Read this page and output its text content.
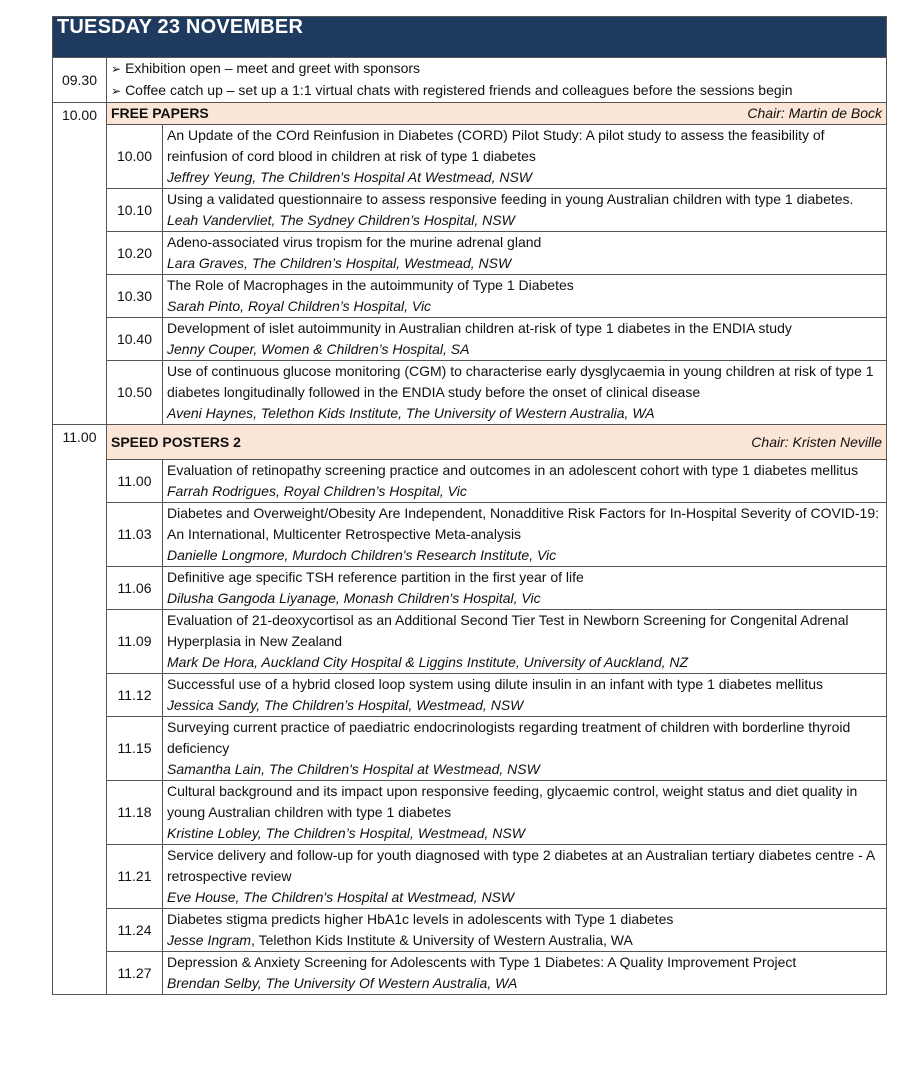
TUESDAY 23 NOVEMBER		
09.30	➢ Exhibition open – meet and greet with sponsors
➢ Coffee catch up – set up a 1:1 virtual chats with registered friends and colleagues before the sessions begin	

10.00	FREE PAPERS Chair: Martin de Bock	

	10.00	An Update of the COrd Reinfusion in Diabetes (CORD) Pilot Study: A pilot study to assess the feasibility of reinfusion of cord blood in children at risk of type 1 diabetes
Jeffrey Yeung, The Children's Hospital At Westmead, NSW

	10.10	Using a validated questionnaire to assess responsive feeding in young Australian children with type 1 diabetes.
Leah Vandervliet, The Sydney Children’s Hospital, NSW

	10.20	Adeno-associated virus tropism for the murine adrenal gland
Lara Graves, The Children’s Hospital, Westmead, NSW

	10.30	The Role of Macrophages in the autoimmunity of Type 1 Diabetes
Sarah Pinto, Royal Children’s Hospital, Vic

	10.40	Development of islet autoimmunity in Australian children at-risk of type 1 diabetes in the ENDIA study
Jenny Couper, Women & Children’s Hospital, SA

	10.50	Use of continuous glucose monitoring (CGM) to characterise early dysglycaemia in young children at risk of type 1 diabetes longitudinally followed in the ENDIA study before the onset of clinical disease
Aveni Haynes, Telethon Kids Institute, The University of Western Australia, WA

11.00	SPEED POSTERS 2 Chair: Kristen Neville	

	11.00	Evaluation of retinopathy screening practice and outcomes in an adolescent cohort with type 1 diabetes mellitus
Farrah Rodrigues, Royal Children’s Hospital, Vic

	11.03	Diabetes and Overweight/Obesity Are Independent, Nonadditive Risk Factors for In-Hospital Severity of COVID-19: An International, Multicenter Retrospective Meta-analysis
Danielle Longmore, Murdoch Children's Research Institute, Vic

	11.06	Definitive age specific TSH reference partition in the first year of life
Dilusha Gangoda Liyanage, Monash Children's Hospital, Vic

	11.09	Evaluation of 21-deoxycortisol as an Additional Second Tier Test in Newborn Screening for Congenital Adrenal Hyperplasia in New Zealand
Mark De Hora, Auckland City Hospital & Liggins Institute, University of Auckland, NZ

	11.12	Successful use of a hybrid closed loop system using dilute insulin in an infant with type 1 diabetes mellitus
Jessica Sandy, The Children’s Hospital, Westmead, NSW

	11.15	Surveying current practice of paediatric endocrinologists regarding treatment of children with borderline thyroid deficiency
Samantha Lain, The Children's Hospital at Westmead, NSW

	11.18	Cultural background and its impact upon responsive feeding, glycaemic control, weight status and diet quality in young Australian children with type 1 diabetes
Kristine Lobley, The Children’s Hospital, Westmead, NSW

	11.21	Service delivery and follow-up for youth diagnosed with type 2 diabetes at an Australian tertiary diabetes centre - A retrospective review
Eve House, The Children's Hospital at Westmead, NSW

	11.24	Diabetes stigma predicts higher HbA1c levels in adolescents with Type 1 diabetes
Jesse Ingram, Telethon Kids Institute & University of Western Australia, WA

	11.27	Depression & Anxiety Screening for Adolescents with Type 1 Diabetes: A Quality Improvement Project
Brendan Selby, The University Of Western Australia, WA
